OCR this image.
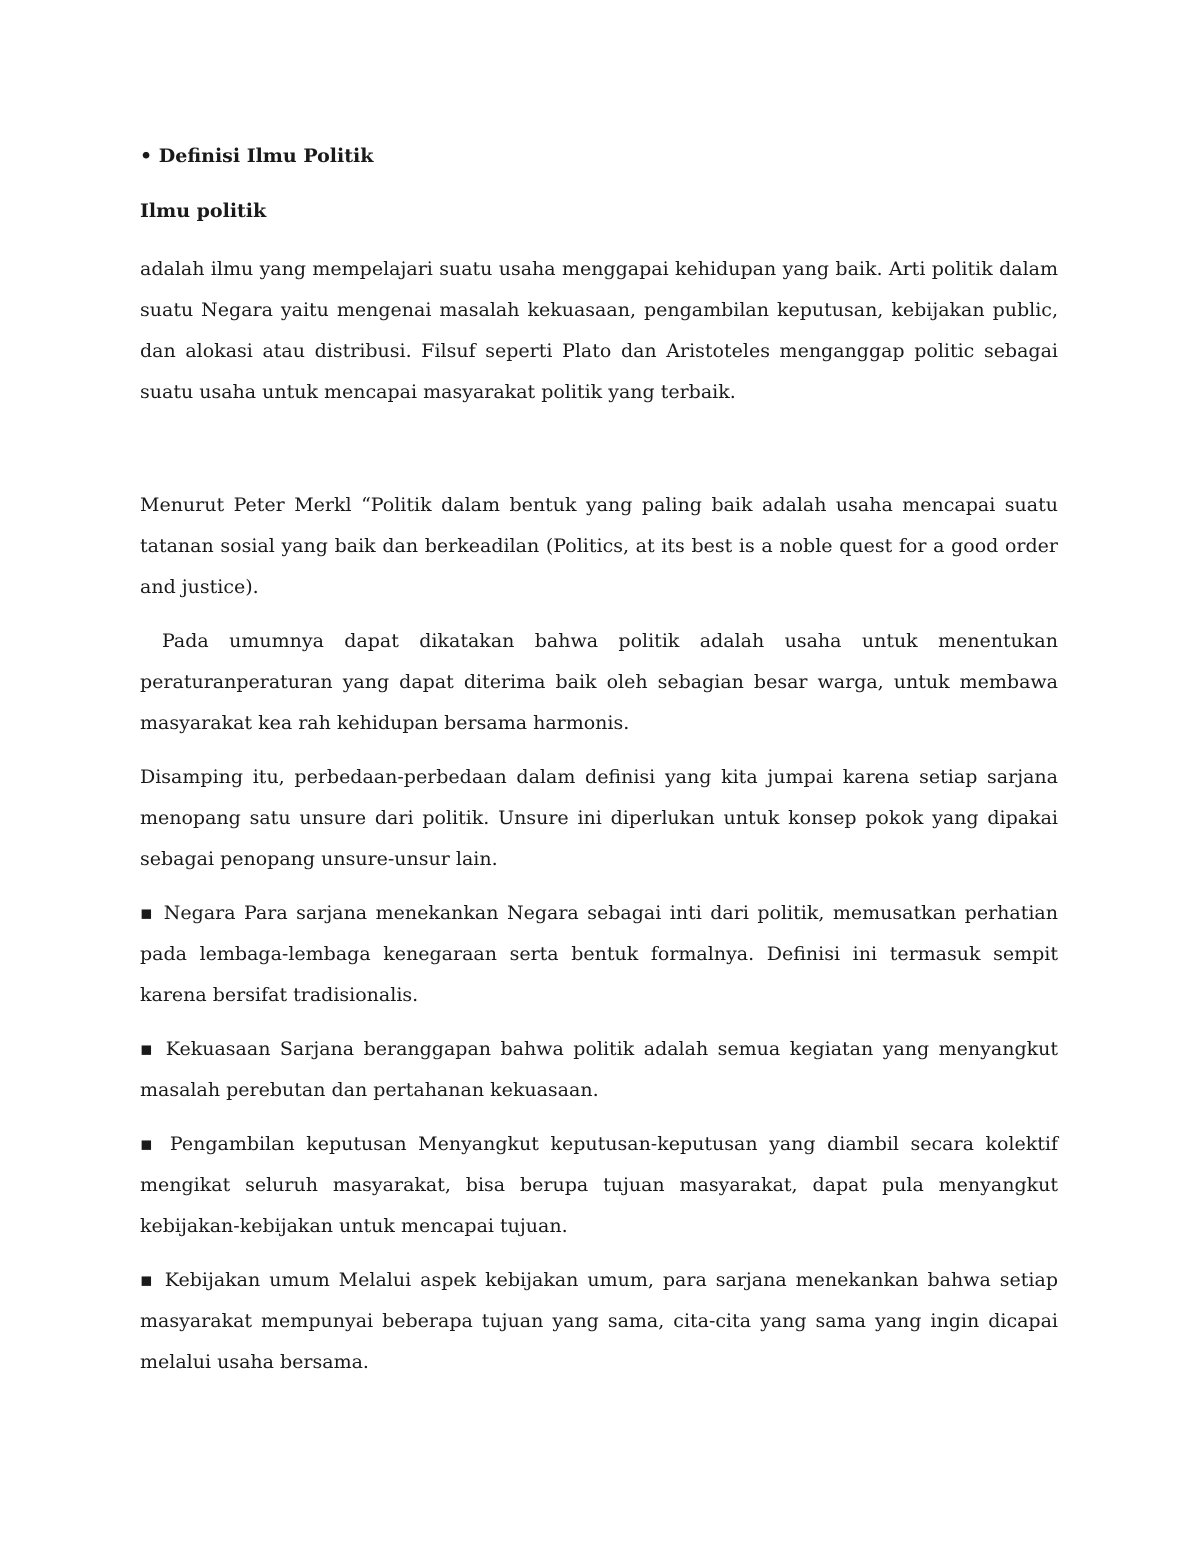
• Definisi Ilmu Politik

Ilmu politik

adalah ilmu yang mempelajari suatu usaha menggapai kehidupan yang baik. Arti politik dalam suatu Negara yaitu mengenai masalah kekuasaan, pengambilan keputusan, kebijakan public, dan alokasi atau distribusi. Filsuf seperti Plato dan Aristoteles menganggap politic sebagai suatu usaha untuk mencapai masyarakat politik yang terbaik.

Menurut Peter Merkl “Politik dalam bentuk yang paling baik adalah usaha mencapai suatu tatanan sosial yang baik dan berkeadilan (Politics, at its best is a noble quest for a good order and justice).

Pada umumnya dapat dikatakan bahwa politik adalah usaha untuk menentukan peraturanperaturan yang dapat diterima baik oleh sebagian besar warga, untuk membawa masyarakat kea rah kehidupan bersama harmonis.

Disamping itu, perbedaan-perbedaan dalam definisi yang kita jumpai karena setiap sarjana menopang satu unsure dari politik. Unsure ini diperlukan untuk konsep pokok yang dipakai sebagai penopang unsure-unsur lain.

▪ Negara Para sarjana menekankan Negara sebagai inti dari politik, memusatkan perhatian pada lembaga-lembaga kenegaraan serta bentuk formalnya. Definisi ini termasuk sempit karena bersifat tradisionalis.

▪ Kekuasaan Sarjana beranggapan bahwa politik adalah semua kegiatan yang menyangkut masalah perebutan dan pertahanan kekuasaan.

▪ Pengambilan keputusan Menyangkut keputusan-keputusan yang diambil secara kolektif mengikat seluruh masyarakat, bisa berupa tujuan masyarakat, dapat pula menyangkut kebijakan-kebijakan untuk mencapai tujuan.

▪ Kebijakan umum Melalui aspek kebijakan umum, para sarjana menekankan bahwa setiap masyarakat mempunyai beberapa tujuan yang sama, cita-cita yang sama yang ingin dicapai melalui usaha bersama.
